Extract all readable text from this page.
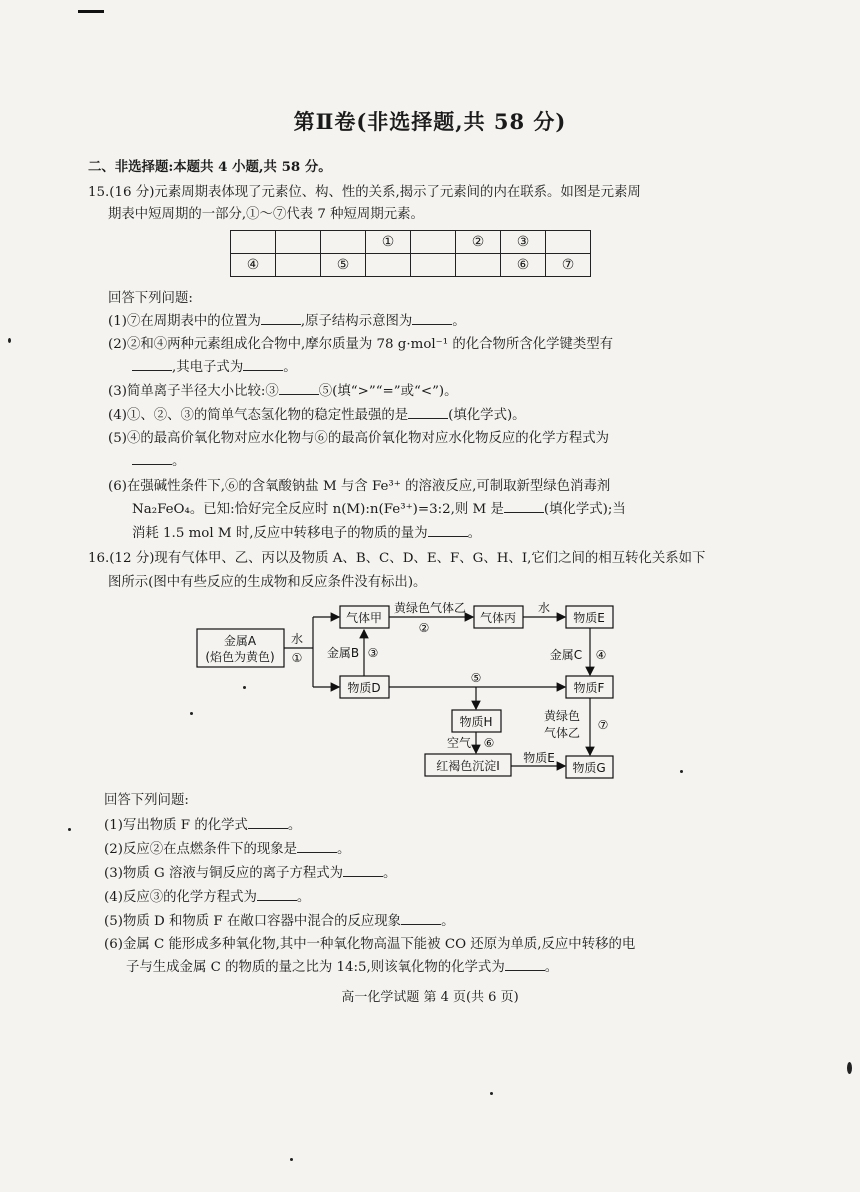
第Ⅱ卷(非选择题,共 58 分)
二、非选择题:本题共 4 小题,共 58 分。
15.(16 分)元素周期表体现了元素位、构、性的关系,揭示了元素间的内在联系。如图是元素周
期表中短周期的一部分,①～⑦代表 7 种短周期元素。
			①		②	③	
④		⑤				⑥	⑦
回答下列问题:
(1)⑦在周期表中的位置为	,原子结构示意图为	。
(2)②和④两种元素组成化合物中,摩尔质量为 78 g·mol⁻¹ 的化合物所含化学键类型有
,其电子式为	。
(3)简单离子半径大小比较:③	⑤(填“>”“=”或“<”)。
(4)①、②、③的简单气态氢化物的稳定性最强的是	(填化学式)。
(5)④的最高价氧化物对应水化物与⑥的最高价氧化物对应水化物反应的化学方程式为
。
(6)在强碱性条件下,⑥的含氧酸钠盐 M 与含 Fe³⁺ 的溶液反应,可制取新型绿色消毒剂
Na₂FeO₄。已知:恰好完全反应时 n(M):n(Fe³⁺)=3:2,则 M 是	(填化学式);当
消耗 1.5 mol M 时,反应中转移电子的物质的量为	。
16.(12 分)现有气体甲、乙、丙以及物质 A、B、C、D、E、F、G、H、I,它们之间的相互转化关系如下
图所示(图中有些反应的生成物和反应条件没有标出)。
金属A
(焰色为黄色)
水
①
气体甲
黄绿色气体乙
②
气体丙
水
物质E
金属B ③	金属C ④
物质D
⑤
物质F
物质H	黄绿色
气体乙
⑦
空气 ⑥
红褐色沉淀I
物质E
物质G
回答下列问题:
(1)写出物质 F 的化学式	。
(2)反应②在点燃条件下的现象是	。
(3)物质 G 溶液与铜反应的离子方程式为	。
(4)反应③的化学方程式为	。
(5)物质 D 和物质 F 在敞口容器中混合的反应现象	。
(6)金属 C 能形成多种氧化物,其中一种氧化物高温下能被 CO 还原为单质,反应中转移的电
子与生成金属 C 的物质的量之比为 14:5,则该氧化物的化学式为	。
高一化学试题 第 4 页(共 6 页)
